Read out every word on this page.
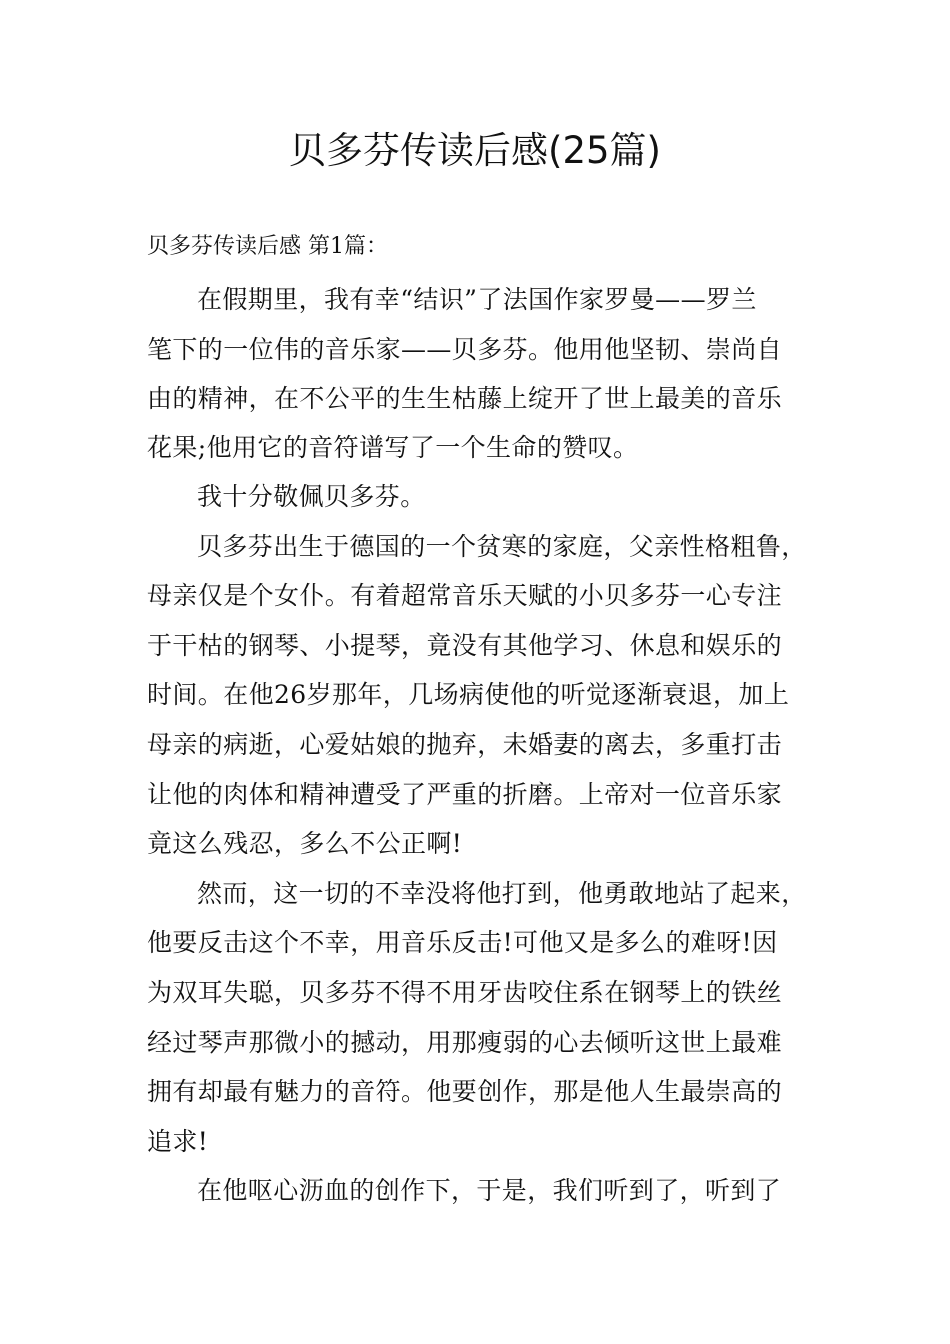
贝多芬传读后感(25篇)
贝多芬传读后感 第1篇：
在假期里，我有幸“结识”了法国作家罗曼——罗兰
笔下的一位伟的音乐家——贝多芬。他用他坚韧、崇尚自
由的精神，在不公平的生生枯藤上绽开了世上最美的音乐
花果;他用它的音符谱写了一个生命的赞叹。
我十分敬佩贝多芬。
贝多芬出生于德国的一个贫寒的家庭，父亲性格粗鲁，
母亲仅是个女仆。有着超常音乐天赋的小贝多芬一心专注
于干枯的钢琴、小提琴，竟没有其他学习、休息和娱乐的
时间。在他26岁那年，几场病使他的听觉逐渐衰退，加上
母亲的病逝，心爱姑娘的抛弃，未婚妻的离去，多重打击
让他的肉体和精神遭受了严重的折磨。上帝对一位音乐家
竟这么残忍，多么不公正啊!
然而，这一切的不幸没将他打到，他勇敢地站了起来，
他要反击这个不幸，用音乐反击!可他又是多么的难呀!因
为双耳失聪，贝多芬不得不用牙齿咬住系在钢琴上的铁丝
经过琴声那微小的撼动，用那瘦弱的心去倾听这世上最难
拥有却最有魅力的音符。他要创作，那是他人生最崇高的
追求!
在他呕心沥血的创作下，于是，我们听到了，听到了
